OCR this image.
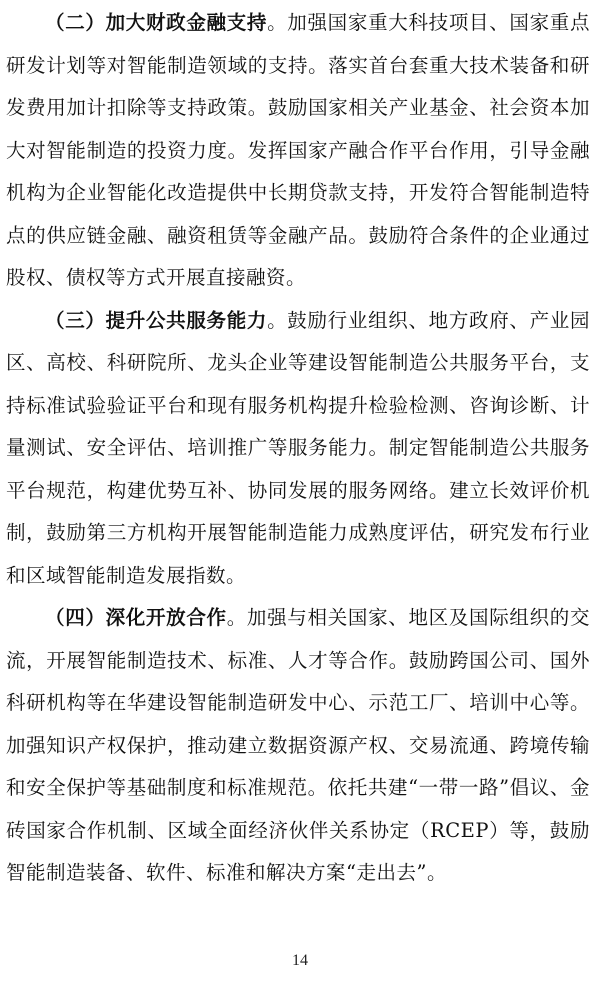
（二）加大财政金融支持。加强国家重大科技项目、国家重点研发计划等对智能制造领域的支持。落实首台套重大技术装备和研发费用加计扣除等支持政策。鼓励国家相关产业基金、社会资本加大对智能制造的投资力度。发挥国家产融合作平台作用，引导金融机构为企业智能化改造提供中长期贷款支持，开发符合智能制造特点的供应链金融、融资租赁等金融产品。鼓励符合条件的企业通过股权、债权等方式开展直接融资。

（三）提升公共服务能力。鼓励行业组织、地方政府、产业园区、高校、科研院所、龙头企业等建设智能制造公共服务平台，支持标准试验验证平台和现有服务机构提升检验检测、咨询诊断、计量测试、安全评估、培训推广等服务能力。制定智能制造公共服务平台规范，构建优势互补、协同发展的服务网络。建立长效评价机制，鼓励第三方机构开展智能制造能力成熟度评估，研究发布行业和区域智能制造发展指数。

（四）深化开放合作。加强与相关国家、地区及国际组织的交流，开展智能制造技术、标准、人才等合作。鼓励跨国公司、国外科研机构等在华建设智能制造研发中心、示范工厂、培训中心等。加强知识产权保护，推动建立数据资源产权、交易流通、跨境传输和安全保护等基础制度和标准规范。依托共建“一带一路”倡议、金砖国家合作机制、区域全面经济伙伴关系协定（RCEP）等，鼓励智能制造装备、软件、标准和解决方案“走出去”。

14
